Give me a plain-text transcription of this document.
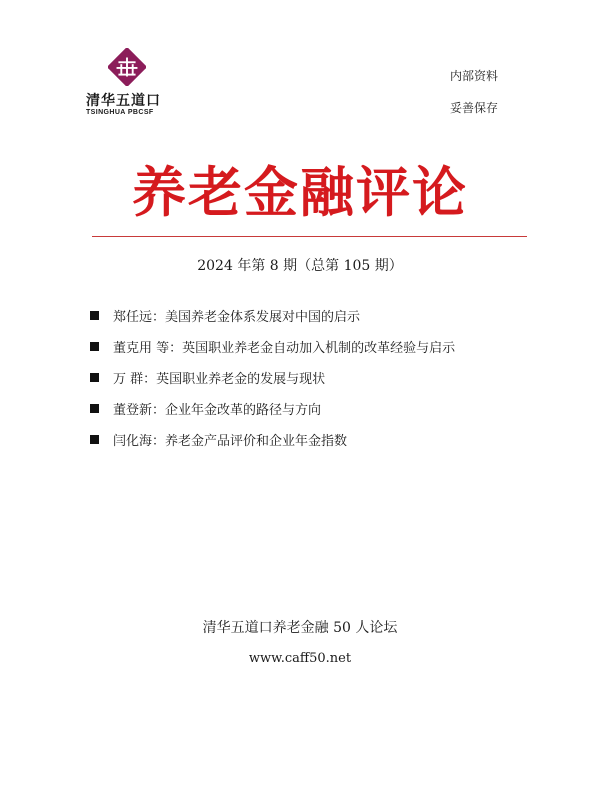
清华五道口
TSINGHUA PBCSF
内部资料
妥善保存
养老金融评论
2024 年第 8 期（总第 105 期）
郑任远：美国养老金体系发展对中国的启示
董克用 等：英国职业养老金自动加入机制的改革经验与启示
万 群：英国职业养老金的发展与现状
董登新：企业年金改革的路径与方向
闫化海：养老金产品评价和企业年金指数
清华五道口养老金融 50 人论坛
www.caff50.net
